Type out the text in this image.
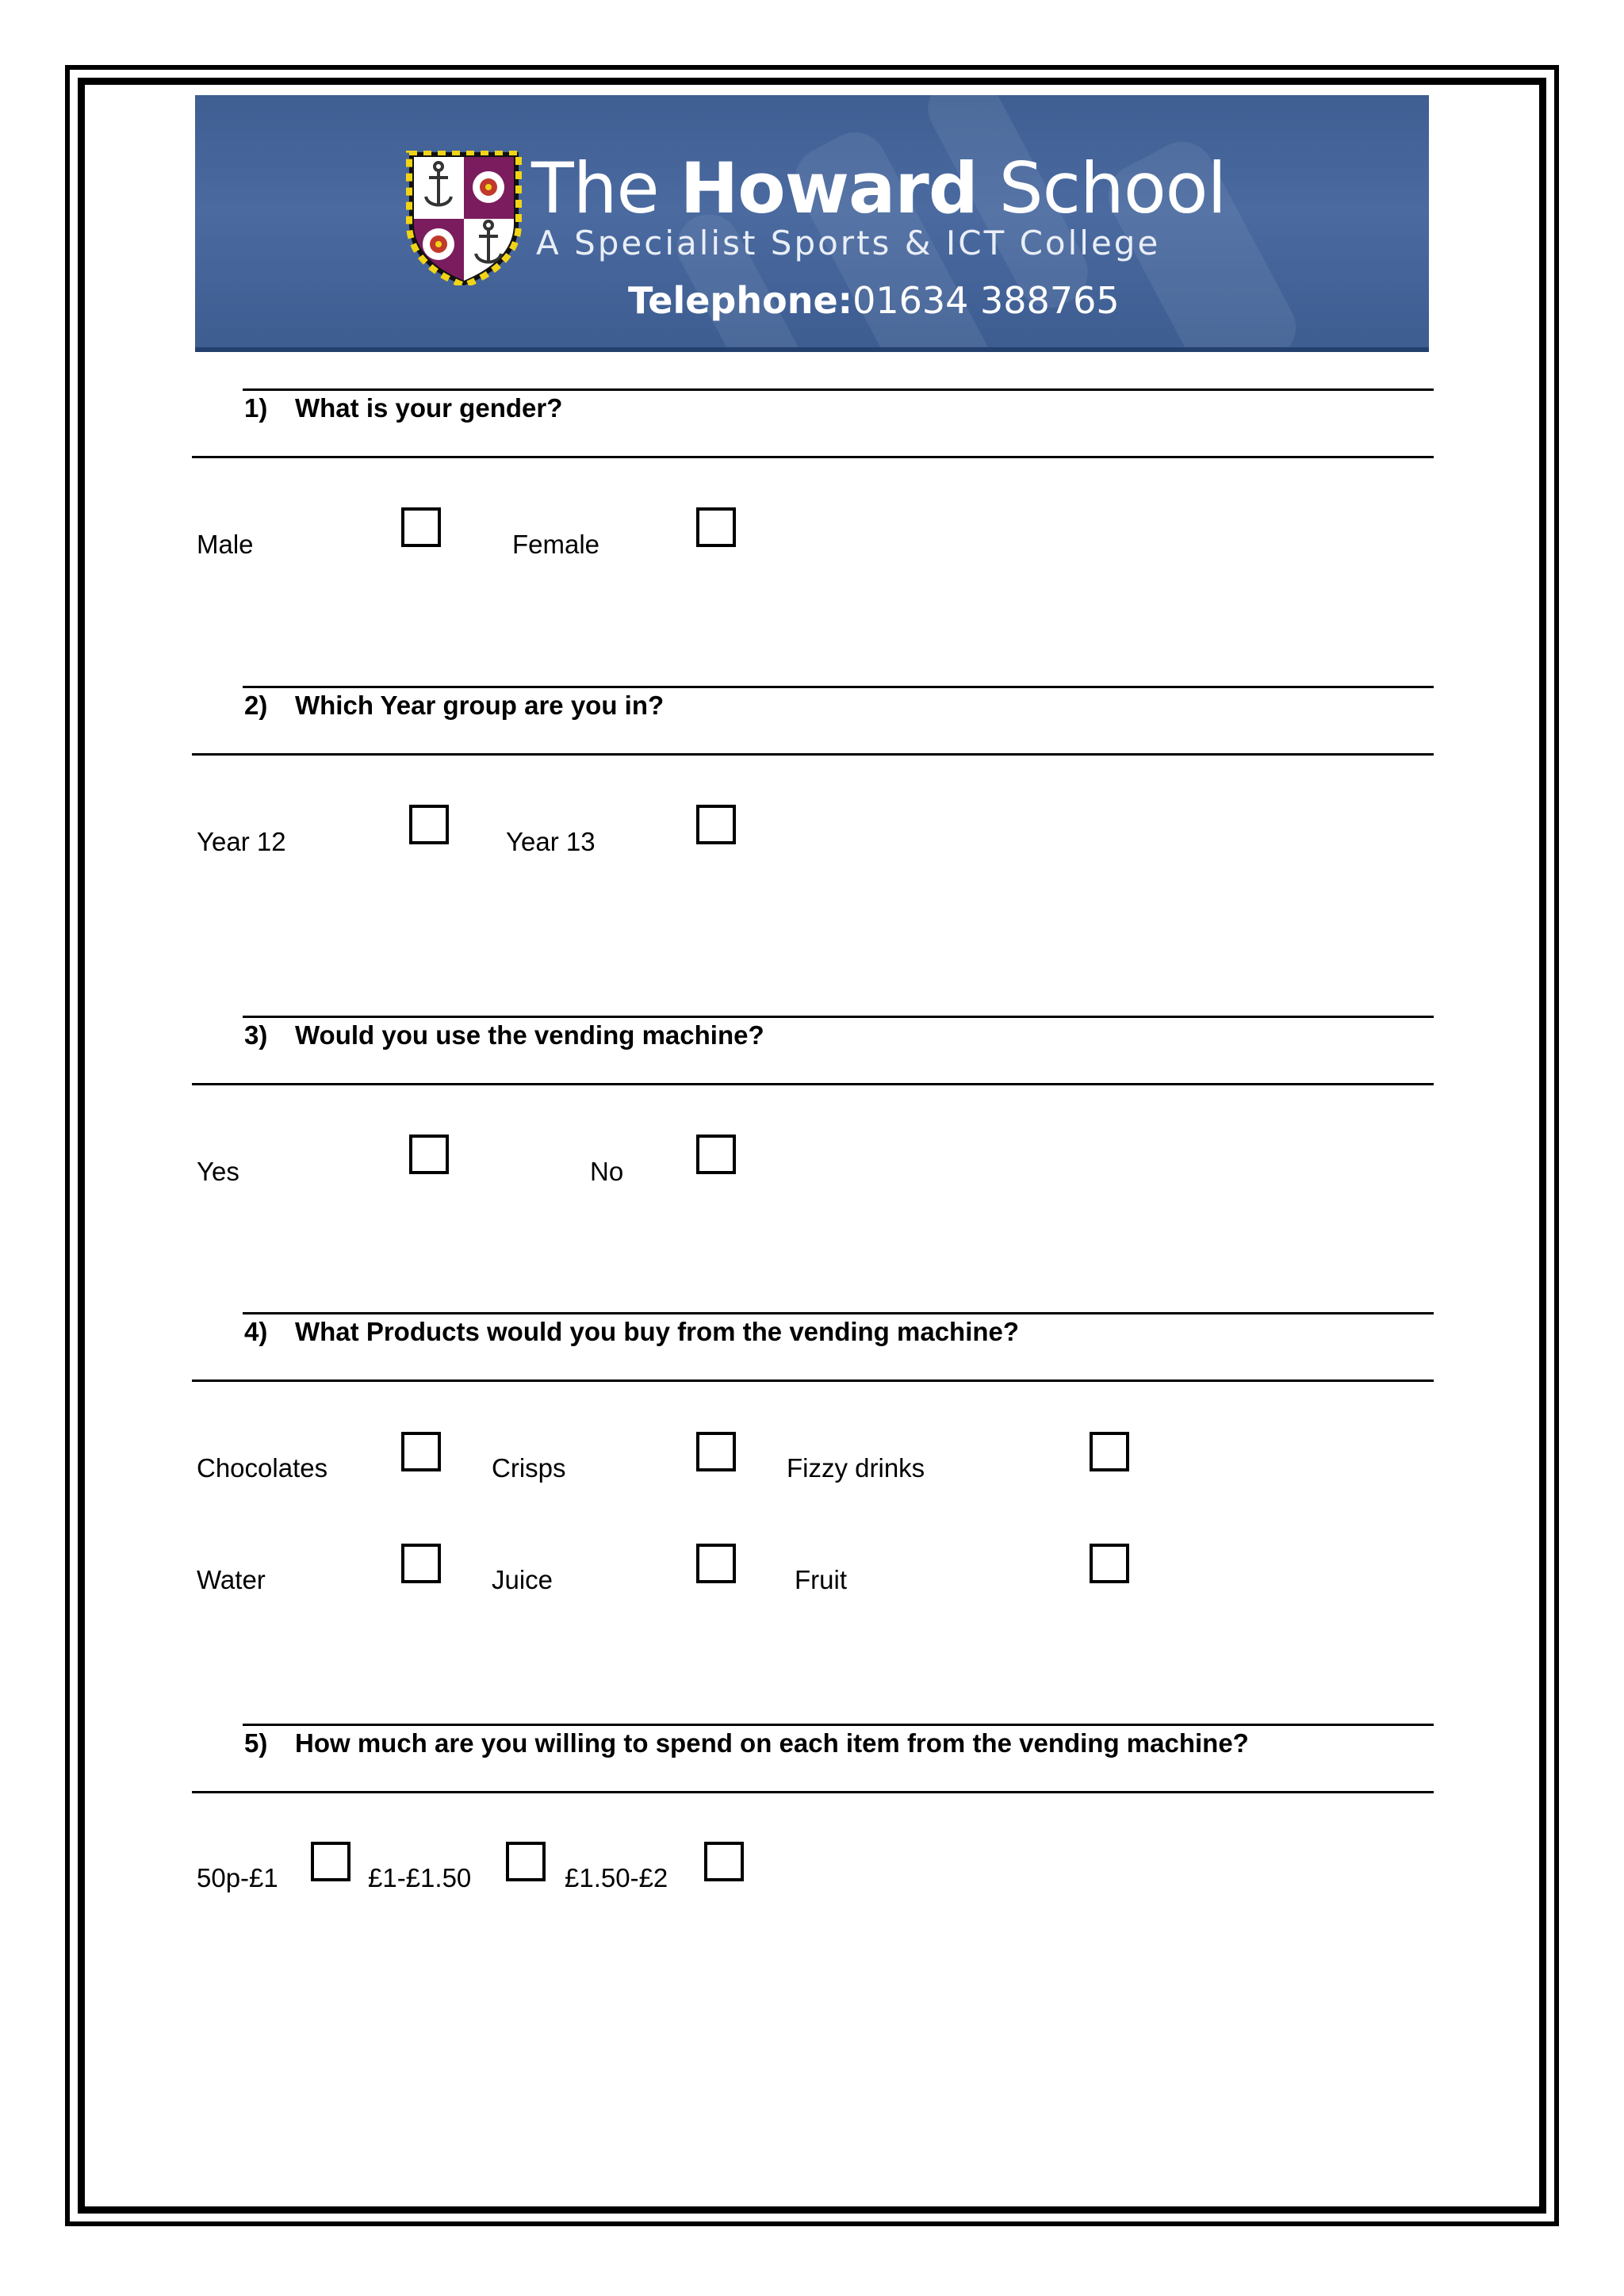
The Howard School
A Specialist Sports & ICT College
Telephone:01634 388765
1) What is your gender?
Male	Female
2) Which Year group are you in?
Year 12	Year 13
3) Would you use the vending machine?
Yes	No
4) What Products would you buy from the vending machine?
Chocolates	Crisps	Fizzy drinks
Water	Juice	Fruit
5) How much are you willing to spend on each item from the vending machine?
50p-£1	£1-£1.50	£1.50-£2
